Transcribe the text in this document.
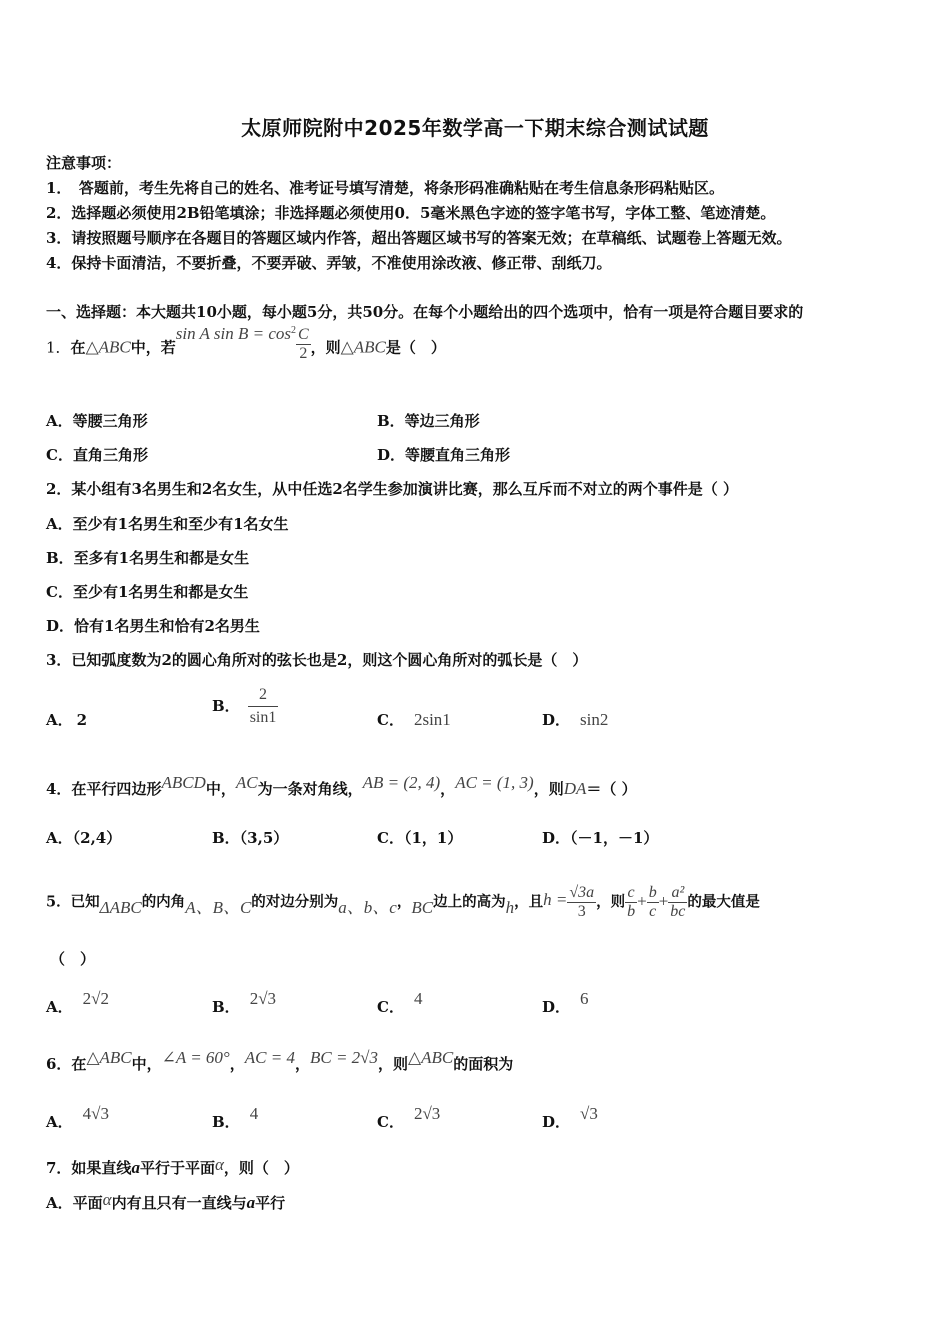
太原师院附中2025年数学高一下期末综合测试试题
注意事项：
1．　答题前，考生先将自己的姓名、准考证号填写清楚，将条形码准确粘贴在考生信息条形码粘贴区。
2．选择题必须使用2B铅笔填涂；非选择题必须使用0．5毫米黑色字迹的签字笔书写，字体工整、笔迹清楚。
3．请按照题号顺序在各题目的答题区域内作答，超出答题区域书写的答案无效；在草稿纸、试题卷上答题无效。
4．保持卡面清洁，不要折叠，不要弄破、弄皱，不准使用涂改液、修正带、刮纸刀。
一、选择题：本大题共10小题，每小题5分，共50分。在每个小题给出的四个选项中，恰有一项是符合题目要求的
1．在△ABC中，若sin A $\sin B = \cos^2 \frac{C}{2}$ ，则△ABC是（　）
A．等腰三角形	B．等边三角形
C．直角三角形	D．等腰直角三角形
2．某小组有3名男生和2名女生，从中任选2名学生参加演讲比赛，那么互斥而不对立的两个事件是（ ）
A．至少有1名男生和至少有1名女生
B．至多有1名男生和都是女生
C．至少有1名男生和都是女生
D．恰有1名男生和恰有2名男生
3．已知弧度数为2的圆心角所对的弦长也是2，则这个圆心角所对的弧长是（　）
A． 2
B． $\frac{2}{\sin 1}$	C． 2sin1	D． sin2
4．在平行四边形ABCD中，AC为一条对角线，AB = (2, 4)，AC = (1, 3)，则DA＝（ ）
A．（2,4）	B．（3,5）	C．（1，1）	D．（－1，－1）
5．已知ΔABC的内角A、B、C的对边分别为a、b、c，BC边上的高为h，且$h = \frac{√3a}{3}$ ，则 $\frac{c}{b} + \frac{b}{c} + \frac{\text{a²}}{bc}$ 的最大值是
（　）
A． 2√2	B． 2√3	C． 4	D． 6
6．在△ABC中，∠A = 60°，AC = 4，BC = 2√3，则△ABC的面积为
A． 4√3	B． 4	C． 2√3	D． √3
7．如果直线a平行于平面α，则（　）
A．平面α内有且只有一直线与a平行
